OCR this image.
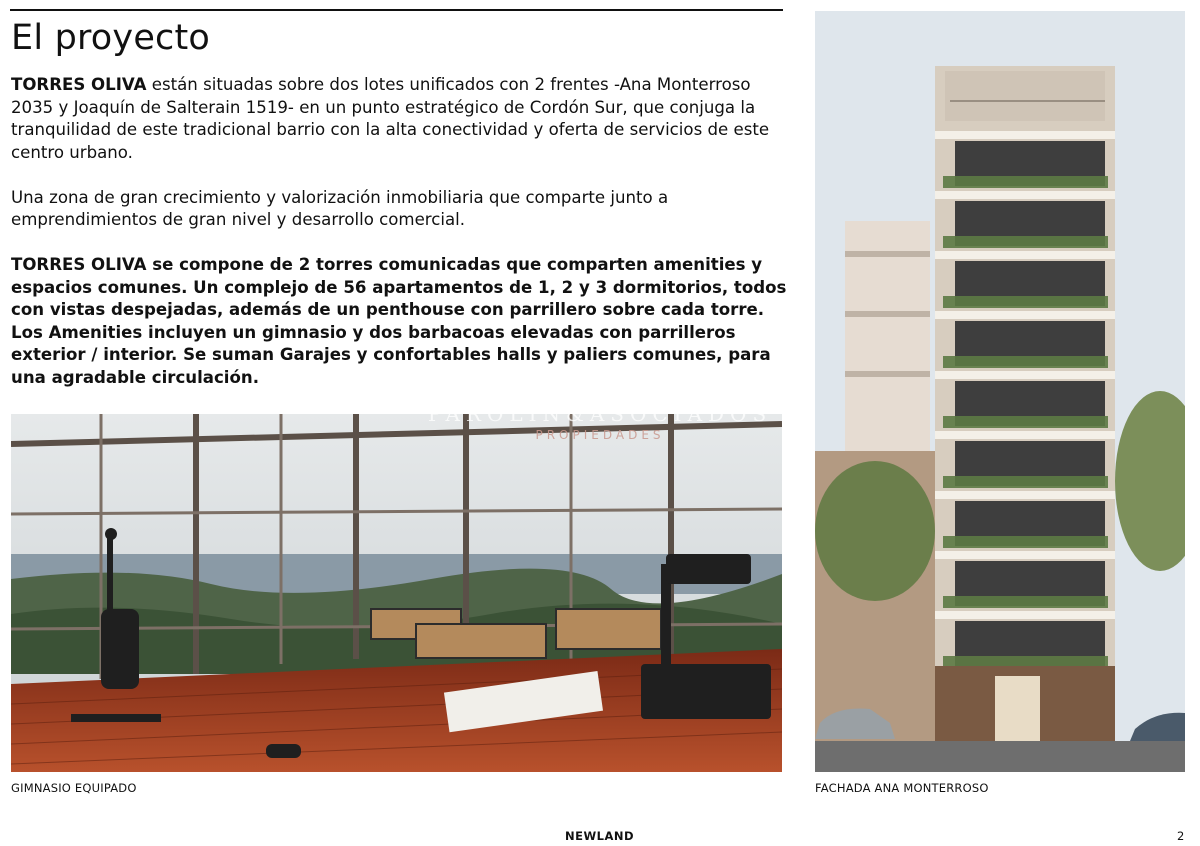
El proyecto

TORRES OLIVA están situadas sobre dos lotes unificados con 2 frentes -Ana Monterroso 2035 y Joaquín de Salterain 1519- en un punto estratégico de Cordón Sur, que conjuga la tranquilidad de este tradicional barrio con la alta conectividad y oferta de servicios de este centro urbano.

Una zona de gran crecimiento y valorización inmobiliaria que comparte junto a emprendimientos de gran nivel y desarrollo comercial.

TORRES OLIVA se compone de 2 torres comunicadas que comparten amenities y espacios comunes. Un complejo de 56 apartamentos de 1, 2 y 3 dormitorios, todos con vistas despejadas, además de un penthouse con parrillero sobre cada torre. Los Amenities incluyen un gimnasio y dos barbacoas elevadas con parrilleros exterior / interior. Se suman Garajes y confortables halls y paliers comunes, para una agradable circulación.

PAROLIN&ASOCIADOS
PROPIEDADES
GIMNASIO EQUIPADO	FACHADA ANA MONTERROSO
NEWLAND	2
